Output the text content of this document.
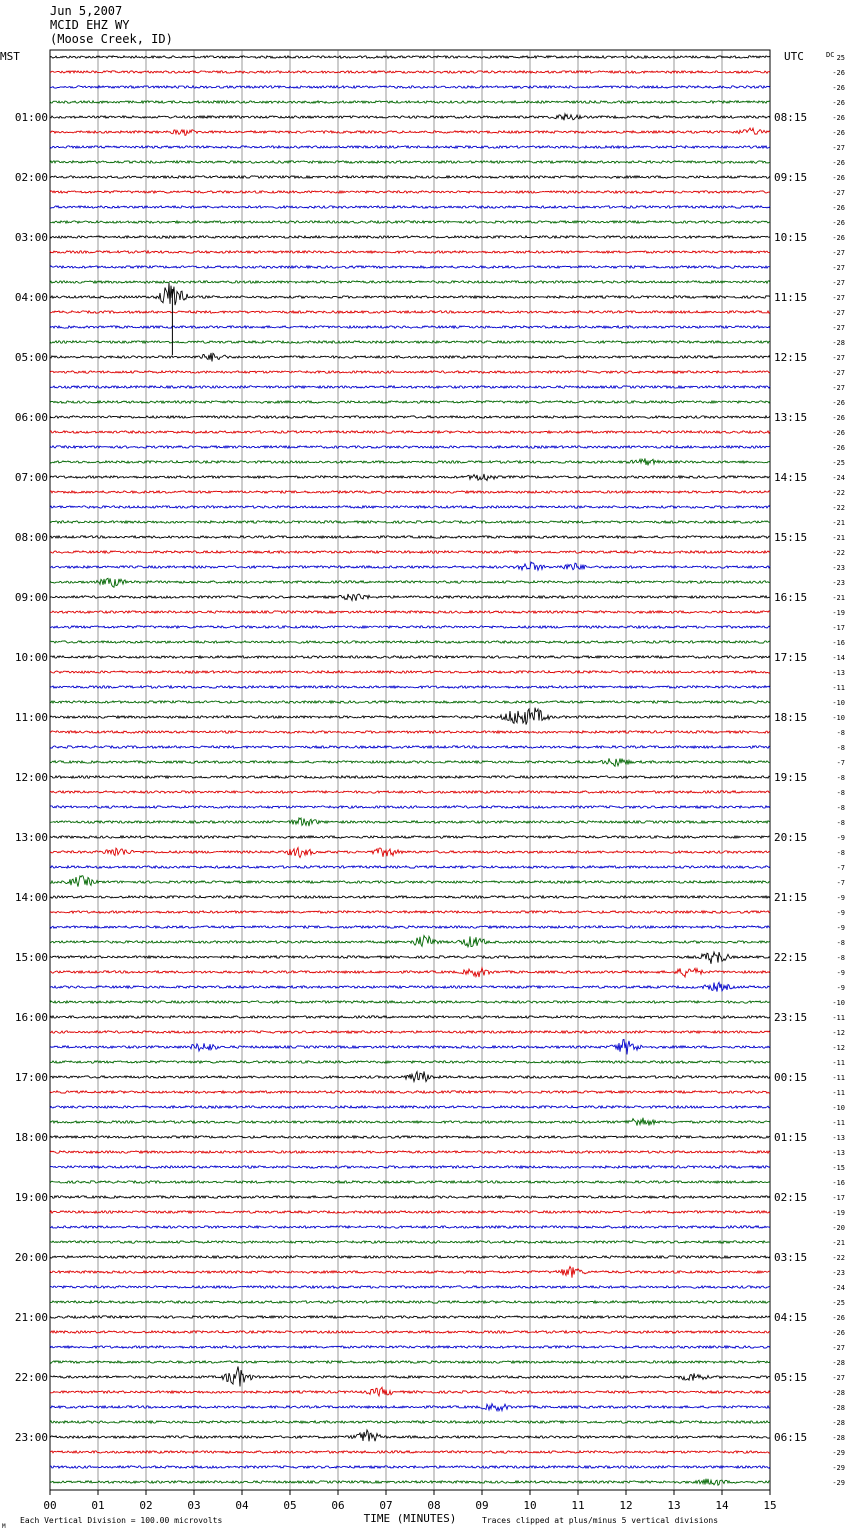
Jun 5,2007
MCID EHZ WY
(Moose Creek, ID)
25
-26
-26
-26
-26
-26
-27
-26
-26
-27
-26
-26
-26
-27
-27
-27
-27
-27
-27
-28
-27
-27
-27
-26
-26
-26
-26
-25
-24
-22
-22
-21
-21
-22
-23
-23
-21
-19
-17
-16
-14
-13
-11
-10
-10
-8
-8
-7
-8
-8
-8
-8
-9
-8
-7
-7
-9
-9
-9
-8
-8
-9
-9
-10
-11
-12
-12
-11
-11
-11
-10
-11
-13
-13
-15
-16
-17
-19
-20
-21
-22
-23
-24
-25
-26
-26
-27
-28
-27
-28
-28
-28
-28
-29
-29
-29
MST	UTC	DC
01:00
02:00
03:00
04:00
05:00
06:00
07:00
08:00
09:00
10:00
11:00
12:00
13:00
14:00
15:00
16:00
17:00
18:00
19:00
20:00
21:00
22:00
23:00
08:15
09:15
10:15
11:15
12:15
13:15
14:15
15:15
16:15
17:15
18:15
19:15
20:15
21:15
22:15
23:15
00:15
01:15
02:15
03:15
04:15
05:15
06:15
00	01	02	03	04	05	06	07	08	09	10	11	12	13	14	15
TIME (MINUTES)
Each Vertical Division = 100.00 microvolts	Traces clipped at plus/minus 5 vertical divisions
M
